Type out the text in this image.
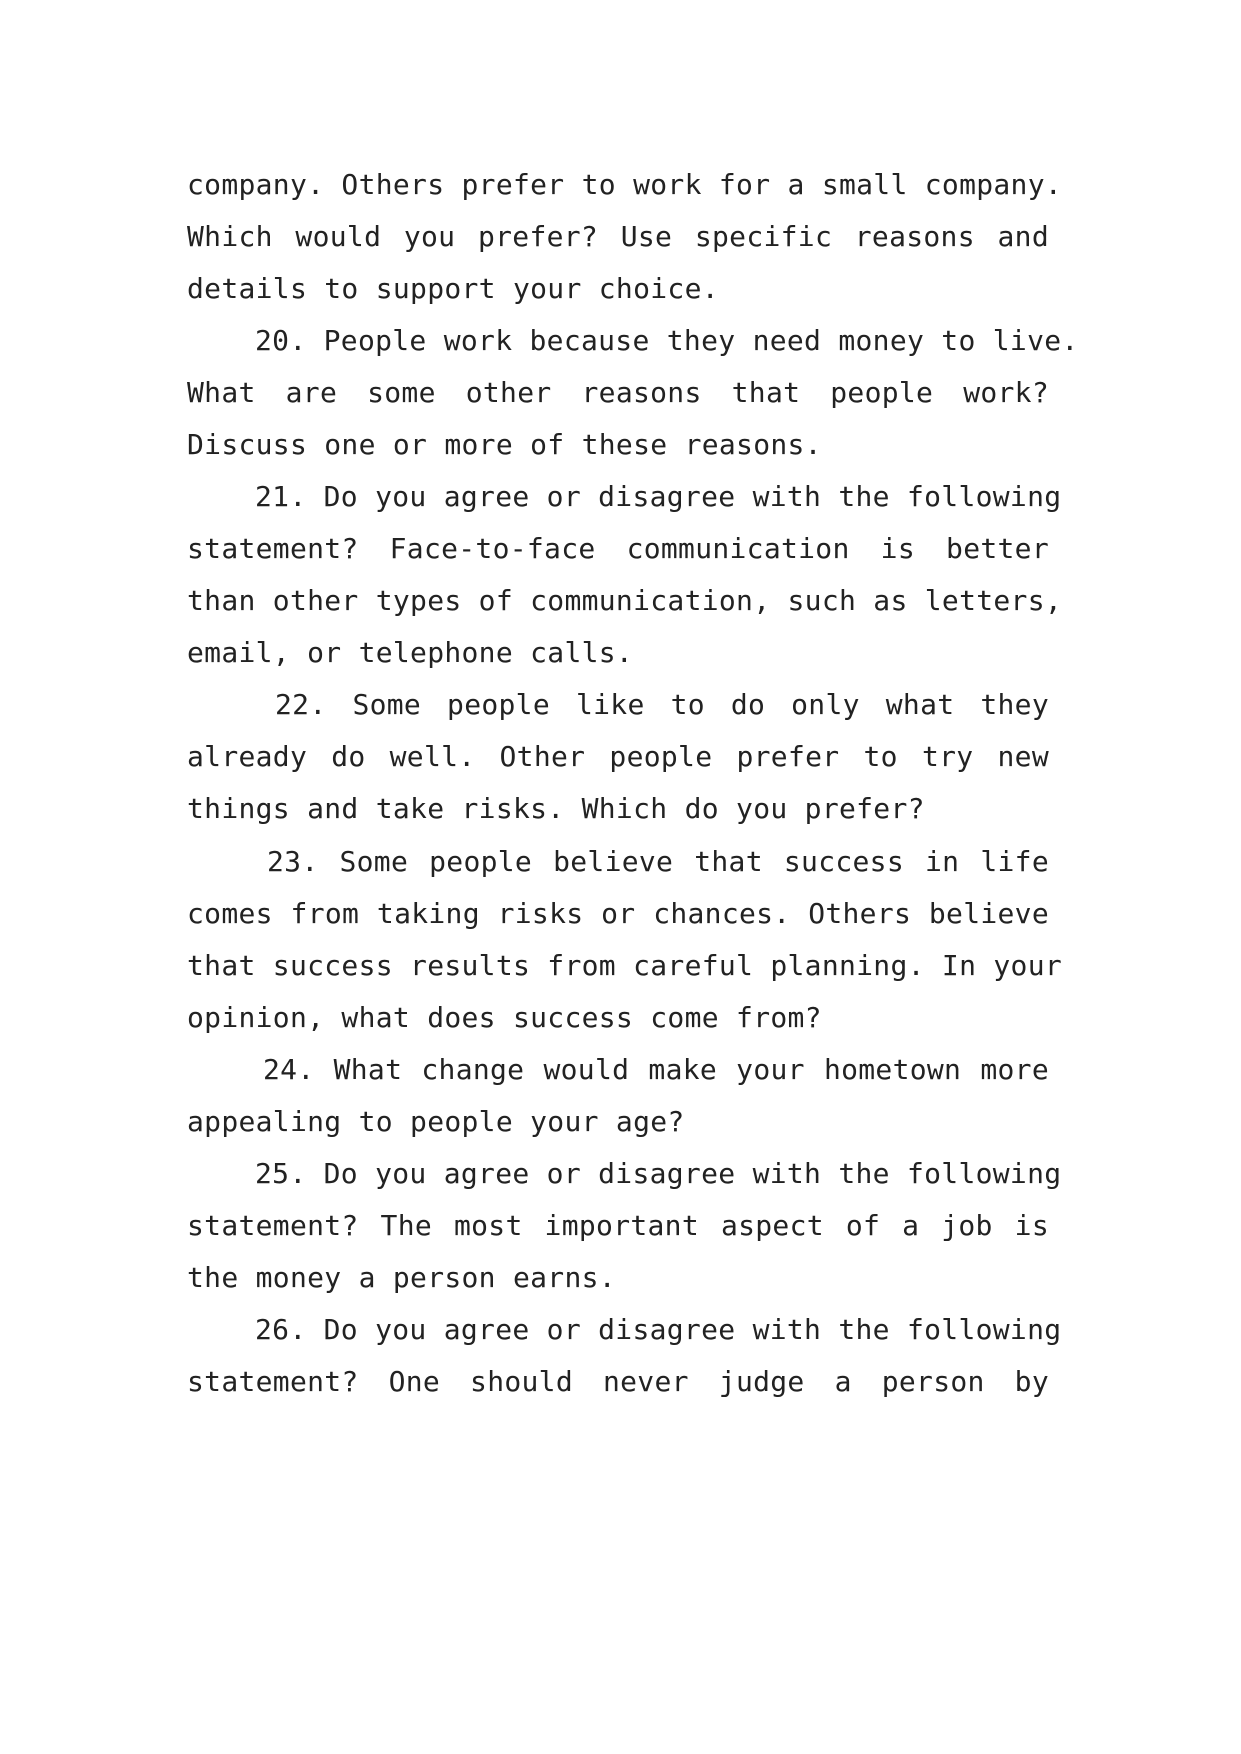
company. Others prefer to work for a small company.
Which would you prefer? Use specific reasons and
details to support your choice.
20. People work because they need money to live.
What are some other reasons that people work?
Discuss one or more of these reasons.
21. Do you agree or disagree with the following
statement? Face-to-face communication is better
than other types of communication, such as letters,
email, or telephone calls.
22. Some people like to do only what they
already do well. Other people prefer to try new
things and take risks. Which do you prefer?
23. Some people believe that success in life
comes from taking risks or chances. Others believe
that success results from careful planning. In your
opinion, what does success come from?
24. What change would make your hometown more
appealing to people your age?
25. Do you agree or disagree with the following
statement? The most important aspect of a job is
the money a person earns.
26. Do you agree or disagree with the following
statement? One should never judge a person by
